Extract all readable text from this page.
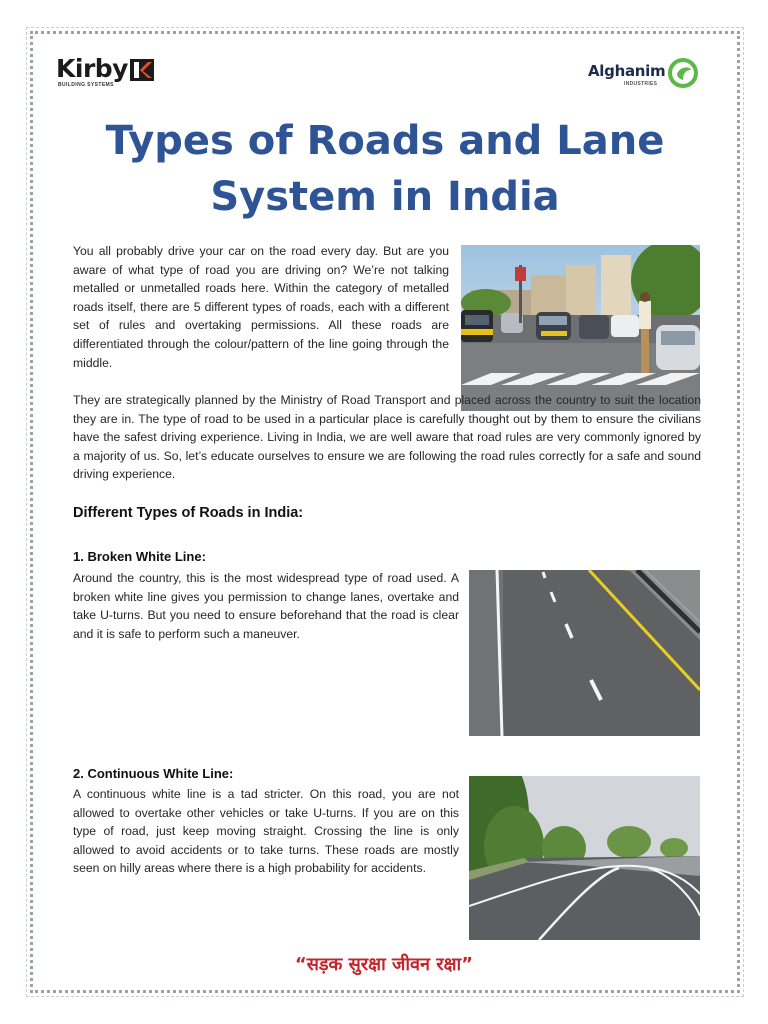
Kirby
BUILDING SYSTEMS
Alghanim
INDUSTRIES
Types of Roads and Lane System in India

You all probably drive your car on the road every day. But are you aware of what type of road you are driving on? We’re not talking metalled or unmetalled roads here. Within the category of metalled roads itself, there are 5 different types of roads, each with a different set of rules and overtaking permissions. All these roads are differentiated through the colour/pattern of the line going through the middle.

They are strategically planned by the Ministry of Road Transport and placed across the country to suit the location they are in. The type of road to be used in a particular place is carefully thought out by them to ensure the civilians have the safest driving experience. Living in India, we are well aware that road rules are very commonly ignored by a majority of us. So, let’s educate ourselves to ensure we are following the road rules correctly for a safe and sound driving experience.

Different Types of Roads in India:
1. Broken White Line:

Around the country, this is the most widespread type of road used. A broken white line gives you permission to change lanes, overtake and take U-turns. But you need to ensure beforehand that the road is clear and it is safe to perform such a maneuver.

2. Continuous White Line:

A continuous white line is a tad stricter. On this road, you are not allowed to overtake other vehicles or take U-turns. If you are on this type of road, just keep moving straight. Crossing the line is only allowed to avoid accidents or to take turns. These roads are mostly seen on hilly areas where there is a high probability for accidents.

“सड़क सुरक्षा जीवन रक्षा”
